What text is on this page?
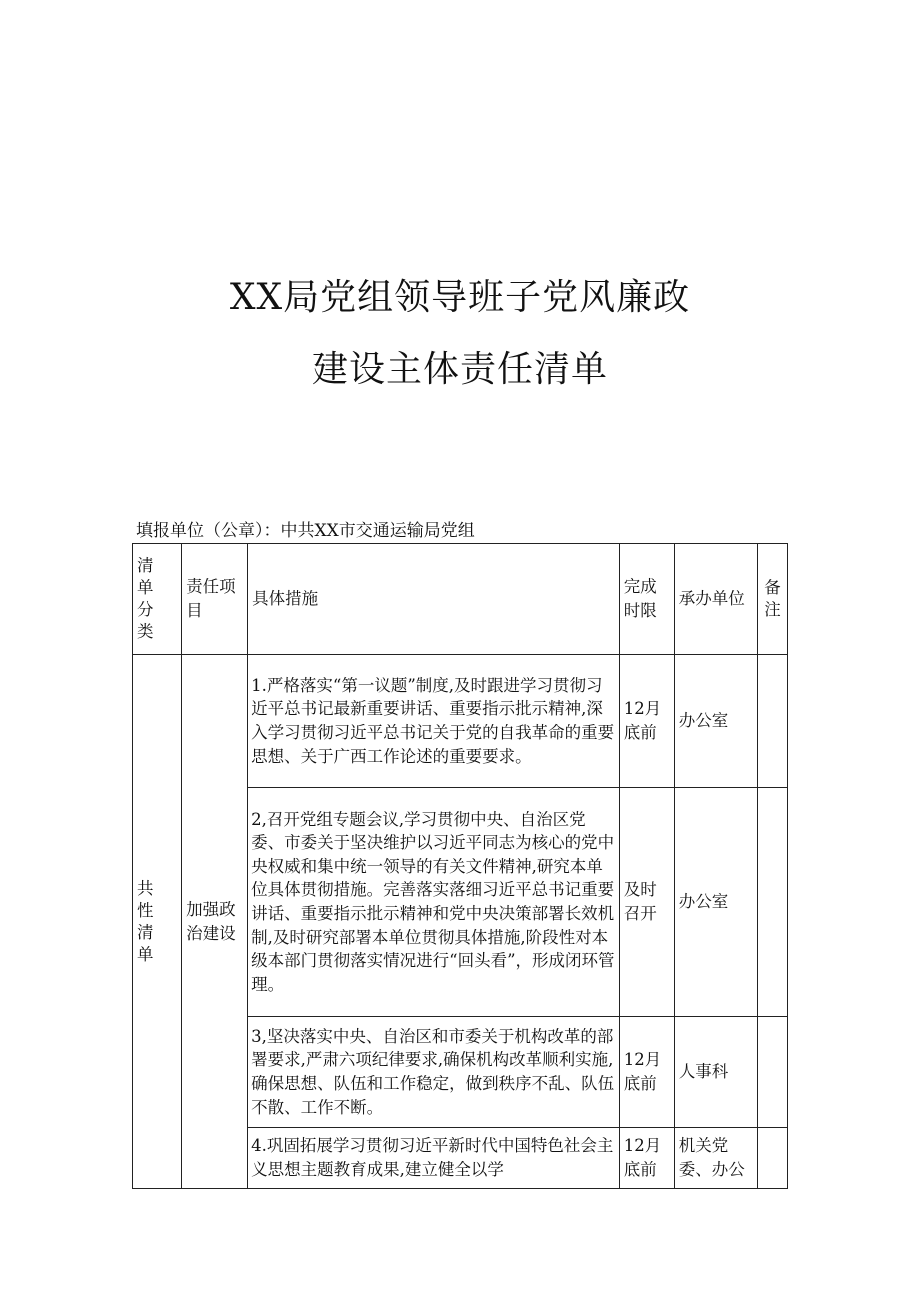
XX局党组领导班子党风廉政
建设主体责任清单
填报单位（公章）：中共XX市交通运输局党组
清单分类	责任项目	具体措施	完成时限	承办单位	备注

共性清单	加强政治建设	1.严格落实“第一议题”制度,及时跟进学习贯彻习近平总书记最新重要讲话、重要指示批示精神,深入学习贯彻习近平总书记关于党的自我革命的重要思想、关于广西工作论述的重要要求。	12月底前	办公室	
		2,召开党组专题会议,学习贯彻中央、自治区党委、市委关于坚决维护以习近平同志为核心的党中央权威和集中统一领导的有关文件精神,研究本单位具体贯彻措施。完善落实落细习近平总书记重要讲话、重要指示批示精神和党中央决策部署长效机制,及时研究部署本单位贯彻具体措施,阶段性对本级本部门贯彻落实情况进行“回头看”，形成闭环管理。	及时召开	办公室	
		3,坚决落实中央、自治区和市委关于机构改革的部署要求,严肃六项纪律要求,确保机构改革顺利实施,确保思想、队伍和工作稳定，做到秩序不乱、队伍不散、工作不断。	12月底前	人事科	
		4.巩固拓展学习贯彻习近平新时代中国特色社会主义思想主题教育成果,建立健全以学	12月底前	机关党委、办公	
